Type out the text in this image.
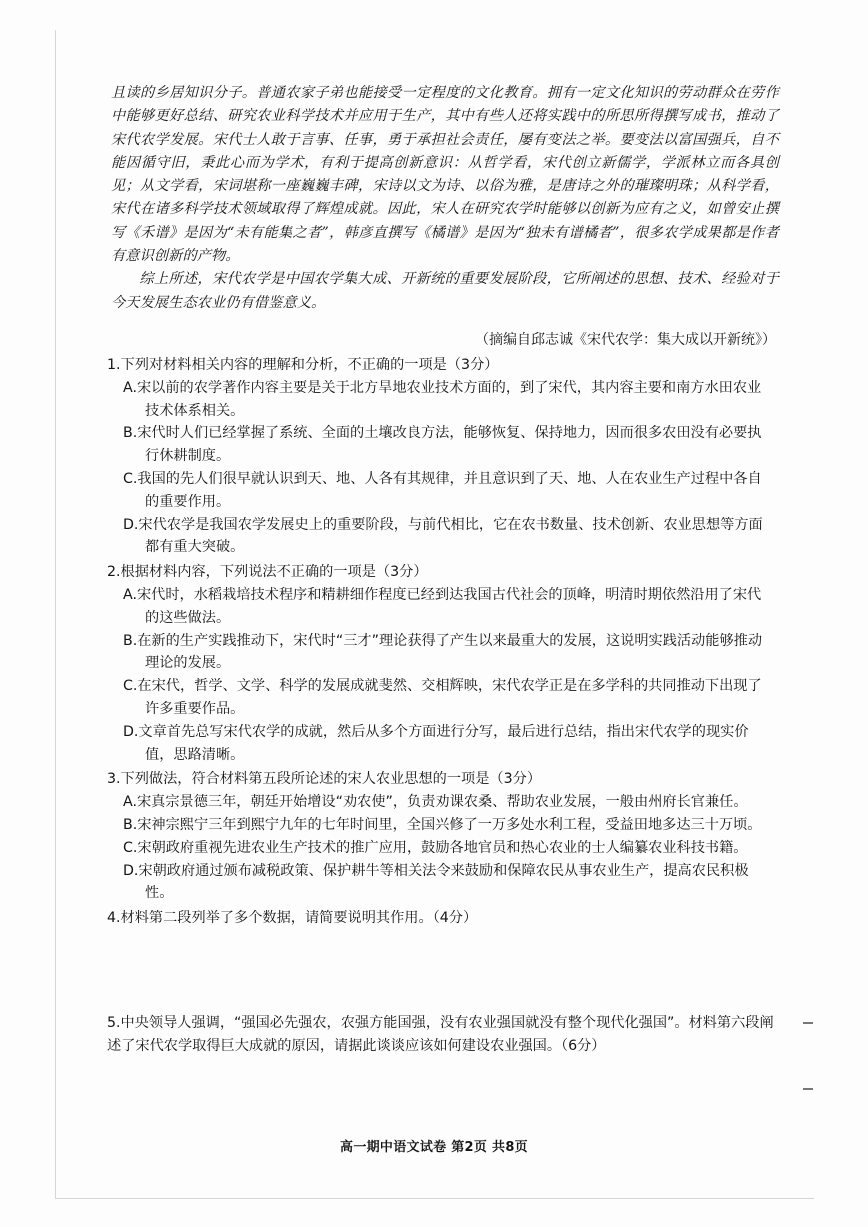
且读的乡居知识分子。普通农家子弟也能接受一定程度的文化教育。拥有一定文化知识的劳动群众在劳作中能够更好总结、研究农业科学技术并应用于生产，其中有些人还将实践中的所思所得撰写成书，推动了宋代农学发展。宋代士人敢于言事、任事，勇于承担社会责任，屡有变法之举。要变法以富国强兵，自不能因循守旧，秉此心而为学术，有利于提高创新意识：从哲学看，宋代创立新儒学，学派林立而各具创见；从文学看，宋词堪称一座巍巍丰碑，宋诗以文为诗、以俗为雅，是唐诗之外的璀璨明珠；从科学看，宋代在诸多科学技术领域取得了辉煌成就。因此，宋人在研究农学时能够以创新为应有之义，如曾安止撰写《禾谱》是因为“未有能集之者”，韩彦直撰写《橘谱》是因为“独未有谱橘者”，很多农学成果都是作者有意识创新的产物。

综上所述，宋代农学是中国农学集大成、开新统的重要发展阶段，它所阐述的思想、技术、经验对于今天发展生态农业仍有借鉴意义。

（摘编自邱志诚《宋代农学：集大成以开新统》）

1.下列对材料相关内容的理解和分析，不正确的一项是（3分）

A.宋以前的农学著作内容主要是关于北方旱地农业技术方面的，到了宋代，其内容主要和南方水田农业技术体系相关。

B.宋代时人们已经掌握了系统、全面的土壤改良方法，能够恢复、保持地力，因而很多农田没有必要执行休耕制度。

C.我国的先人们很早就认识到天、地、人各有其规律，并且意识到了天、地、人在农业生产过程中各自的重要作用。

D.宋代农学是我国农学发展史上的重要阶段，与前代相比，它在农书数量、技术创新、农业思想等方面都有重大突破。

2.根据材料内容，下列说法不正确的一项是（3分）

A.宋代时，水稻栽培技术程序和精耕细作程度已经到达我国古代社会的顶峰，明清时期依然沿用了宋代的这些做法。

B.在新的生产实践推动下，宋代时“三才”理论获得了产生以来最重大的发展，这说明实践活动能够推动理论的发展。

C.在宋代，哲学、文学、科学的发展成就斐然、交相辉映，宋代农学正是在多学科的共同推动下出现了许多重要作品。

D.文章首先总写宋代农学的成就，然后从多个方面进行分写，最后进行总结，指出宋代农学的现实价值，思路清晰。

3.下列做法，符合材料第五段所论述的宋人农业思想的一项是（3分）

A.宋真宗景德三年，朝廷开始增设“劝农使”，负责劝课农桑、帮助农业发展，一般由州府长官兼任。

B.宋神宗熙宁三年到熙宁九年的七年时间里，全国兴修了一万多处水利工程，受益田地多达三十万顷。

C.宋朝政府重视先进农业生产技术的推广应用，鼓励各地官员和热心农业的士人编纂农业科技书籍。

D.宋朝政府通过颁布减税政策、保护耕牛等相关法令来鼓励和保障农民从事农业生产，提高农民积极性。

4.材料第二段列举了多个数据，请简要说明其作用。（4分）

5.中央领导人强调，“强国必先强农，农强方能国强，没有农业强国就没有整个现代化强国”。材料第六段阐述了宋代农学取得巨大成就的原因，请据此谈谈应该如何建设农业强国。（6分）

高一期中语文试卷 第2页 共8页
